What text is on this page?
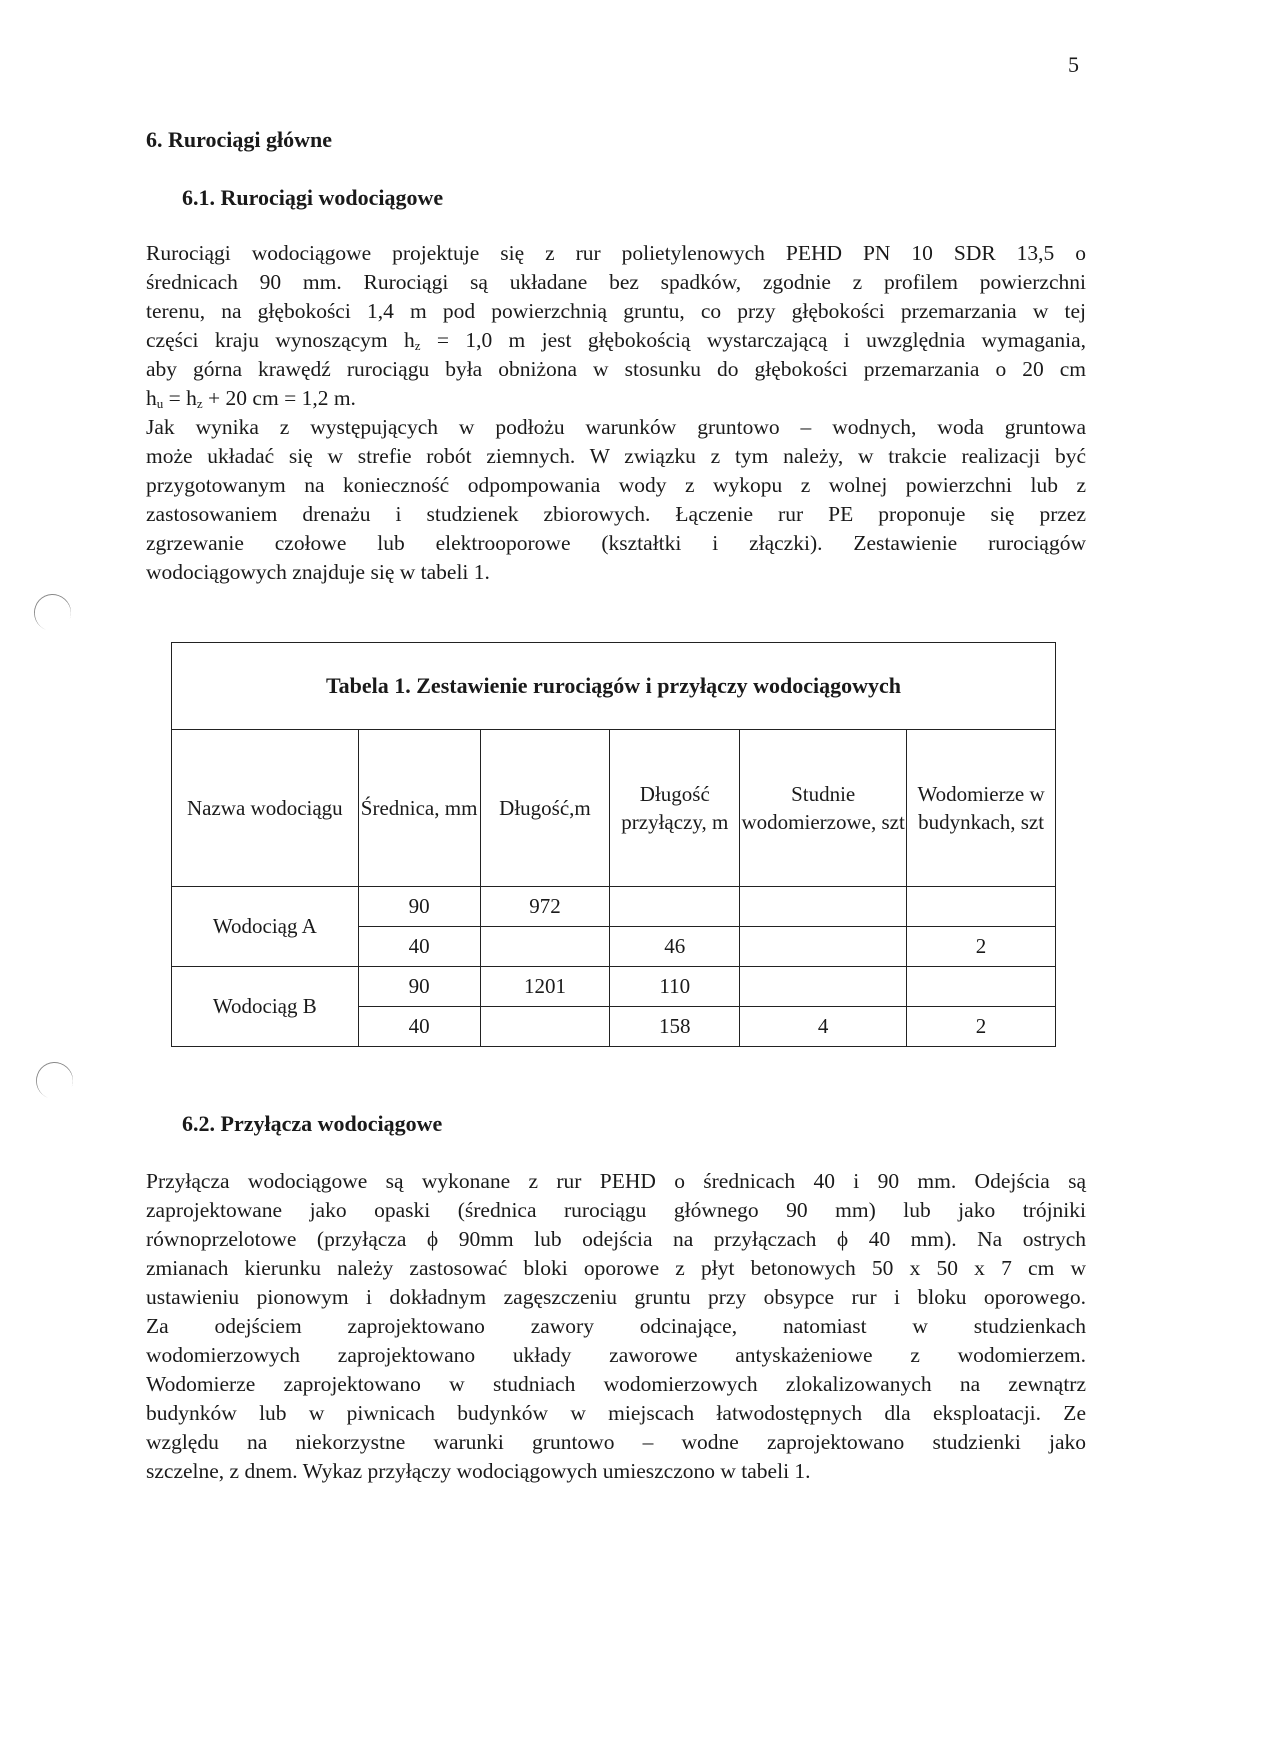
5
6. Rurociągi główne
6.1. Rurociągi wodociągowe
Rurociągi wodociągowe projektuje się z rur polietylenowych PEHD PN 10 SDR 13,5 o
średnicach 90 mm. Rurociągi są układane bez spadków, zgodnie z profilem powierzchni
terenu, na głębokości 1,4 m pod powierzchnią gruntu, co przy głębokości przemarzania w tej
części kraju wynoszącym $h_z = 1,0$ m jest głębokością wystarczającą i uwzględnia wymagania,
aby górna krawędź rurociągu była obniżona w stosunku do głębokości przemarzania o 20 cm
$h_u = h_z + 20$ cm = 1,2 m.
Jak wynika z występujących w podłożu warunków gruntowo – wodnych, woda gruntowa
może układać się w strefie robót ziemnych. W związku z tym należy, w trakcie realizacji być
przygotowanym na konieczność odpompowania wody z wykopu z wolnej powierzchni lub z
zastosowaniem drenażu i studzienek zbiorowych. Łączenie rur PE proponuje się przez
zgrzewanie czołowe lub elektrooporowe (kształtki i złączki). Zestawienie rurociągów
wodociągowych znajduje się w tabeli 1.
Tabela 1. Zestawienie rurociągów i przyłączy wodociągowych					
Nazwa wodociągu	Średnica, mm	Długość,m	Długość przyłączy, m	Studnie wodomierzowe, szt	Wodomierze w budynkach, szt
Wodociąg A	90	972			
	40		46		2
Wodociąg B	90	1201	110		
	40		158	4	2
6.2. Przyłącza wodociągowe
Przyłącza wodociągowe są wykonane z rur PEHD o średnicach 40 i 90 mm. Odejścia są
zaprojektowane jako opaski (średnica rurociągu głównego 90 mm) lub jako trójniki
równoprzelotowe (przyłącza ϕ 90mm lub odejścia na przyłączach ϕ 40 mm). Na ostrych
zmianach kierunku należy zastosować bloki oporowe z płyt betonowych 50 x 50 x 7 cm w
ustawieniu pionowym i dokładnym zagęszczeniu gruntu przy obsypce rur i bloku oporowego.
Za odejściem zaprojektowano zawory odcinające, natomiast w studzienkach
wodomierzowych zaprojektowano układy zaworowe antyskażeniowe z wodomierzem.
Wodomierze zaprojektowano w studniach wodomierzowych zlokalizowanych na zewnątrz
budynków lub w piwnicach budynków w miejscach łatwodostępnych dla eksploatacji. Ze
względu na niekorzystne warunki gruntowo – wodne zaprojektowano studzienki jako
szczelne, z dnem. Wykaz przyłączy wodociągowych umieszczono w tabeli 1.
